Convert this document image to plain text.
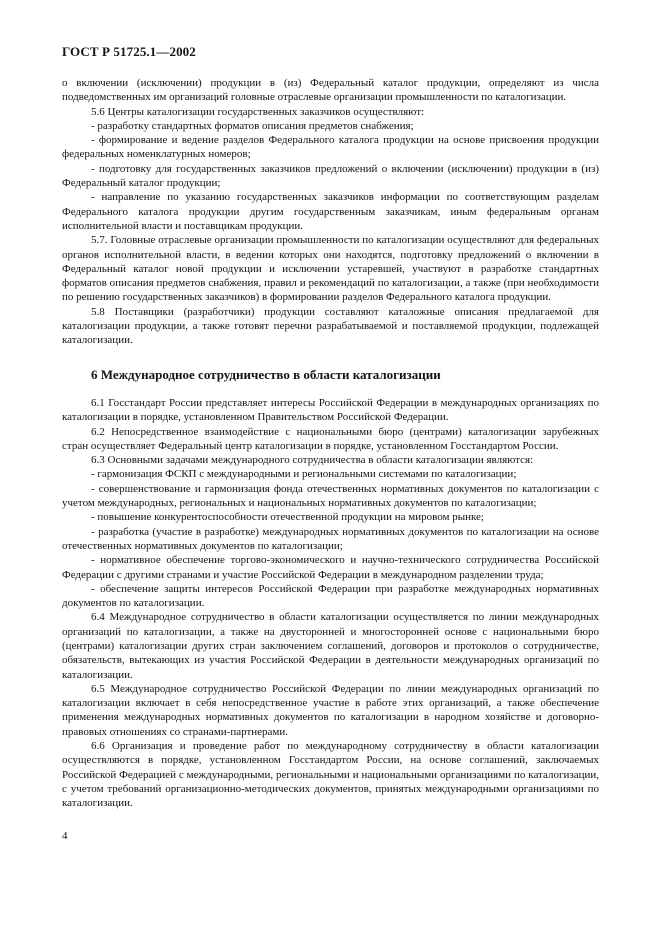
ГОСТ Р 51725.1—2002

о включении (исключении) продукции в (из) Федеральный каталог продукции, определяют из числа подведомственных им организаций головные отраслевые организации промышленности по каталогизации.

5.6 Центры каталогизации государственных заказчиков осуществляют:

- разработку стандартных форматов описания предметов снабжения;

- формирование и ведение разделов Федерального каталога продукции на основе присвоения продукции федеральных номенклатурных номеров;

- подготовку для государственных заказчиков предложений о включении (исключении) продукции в (из) Федеральный каталог продукции;

- направление по указанию государственных заказчиков информации по соответствующим разделам Федерального каталога продукции другим государственным заказчикам, иным федеральным органам исполнительной власти и поставщикам продукции.

5.7. Головные отраслевые организации промышленности по каталогизации осуществляют для федеральных органов исполнительной власти, в ведении которых они находятся, подготовку предложений о включении в Федеральный каталог новой продукции и исключении устаревшей, участвуют в разработке стандартных форматов описания предметов снабжения, правил и рекомендаций по каталогизации, а также (при необходимости по решению государственных заказчиков) в формировании разделов Федерального каталога продукции.

5.8 Поставщики (разработчики) продукции составляют каталожные описания предлагаемой для каталогизации продукции, а также готовят перечни разрабатываемой и поставляемой продукции, подлежащей каталогизации.

6 Международное сотрудничество в области каталогизации

6.1 Госстандарт России представляет интересы Российской Федерации в международных организациях по каталогизации в порядке, установленном Правительством Российской Федерации.

6.2 Непосредственное взаимодействие с национальными бюро (центрами) каталогизации зарубежных стран осуществляет Федеральный центр каталогизации в порядке, установленном Госстандартом России.

6.3 Основными задачами международного сотрудничества в области каталогизации являются:

- гармонизация ФСКП с международными и региональными системами по каталогизации;

- совершенствование и гармонизация фонда отечественных нормативных документов по каталогизации с учетом международных, региональных и национальных нормативных документов по каталогизации;

- повышение конкурентоспособности отечественной продукции на мировом рынке;

- разработка (участие в разработке) международных нормативных документов по каталогизации на основе отечественных нормативных документов по каталогизации;

- нормативное обеспечение торгово-экономического и научно-технического сотрудничества Российской Федерации с другими странами и участие Российской Федерации в международном разделении труда;

- обеспечение защиты интересов Российской Федерации при разработке международных нормативных документов по каталогизации.

6.4 Международное сотрудничество в области каталогизации осуществляется по линии международных организаций по каталогизации, а также на двусторонней и многосторонней основе с национальными бюро (центрами) каталогизации других стран заключением соглашений, договоров и протоколов о сотрудничестве, обязательств, вытекающих из участия Российской Федерации в деятельности международных организаций по каталогизации.

6.5 Международное сотрудничество Российской Федерации по линии международных организаций по каталогизации включает в себя непосредственное участие в работе этих организаций, а также обеспечение применения международных нормативных документов по каталогизации в народном хозяйстве и договорно-правовых отношениях со странами-партнерами.

6.6 Организация и проведение работ по международному сотрудничеству в области каталогизации осуществляются в порядке, установленном Госстандартом России, на основе соглашений, заключаемых Российской Федерацией с международными, региональными и национальными организациями по каталогизации, с учетом требований организационно-методических документов, принятых международными организациями по каталогизации.

4
